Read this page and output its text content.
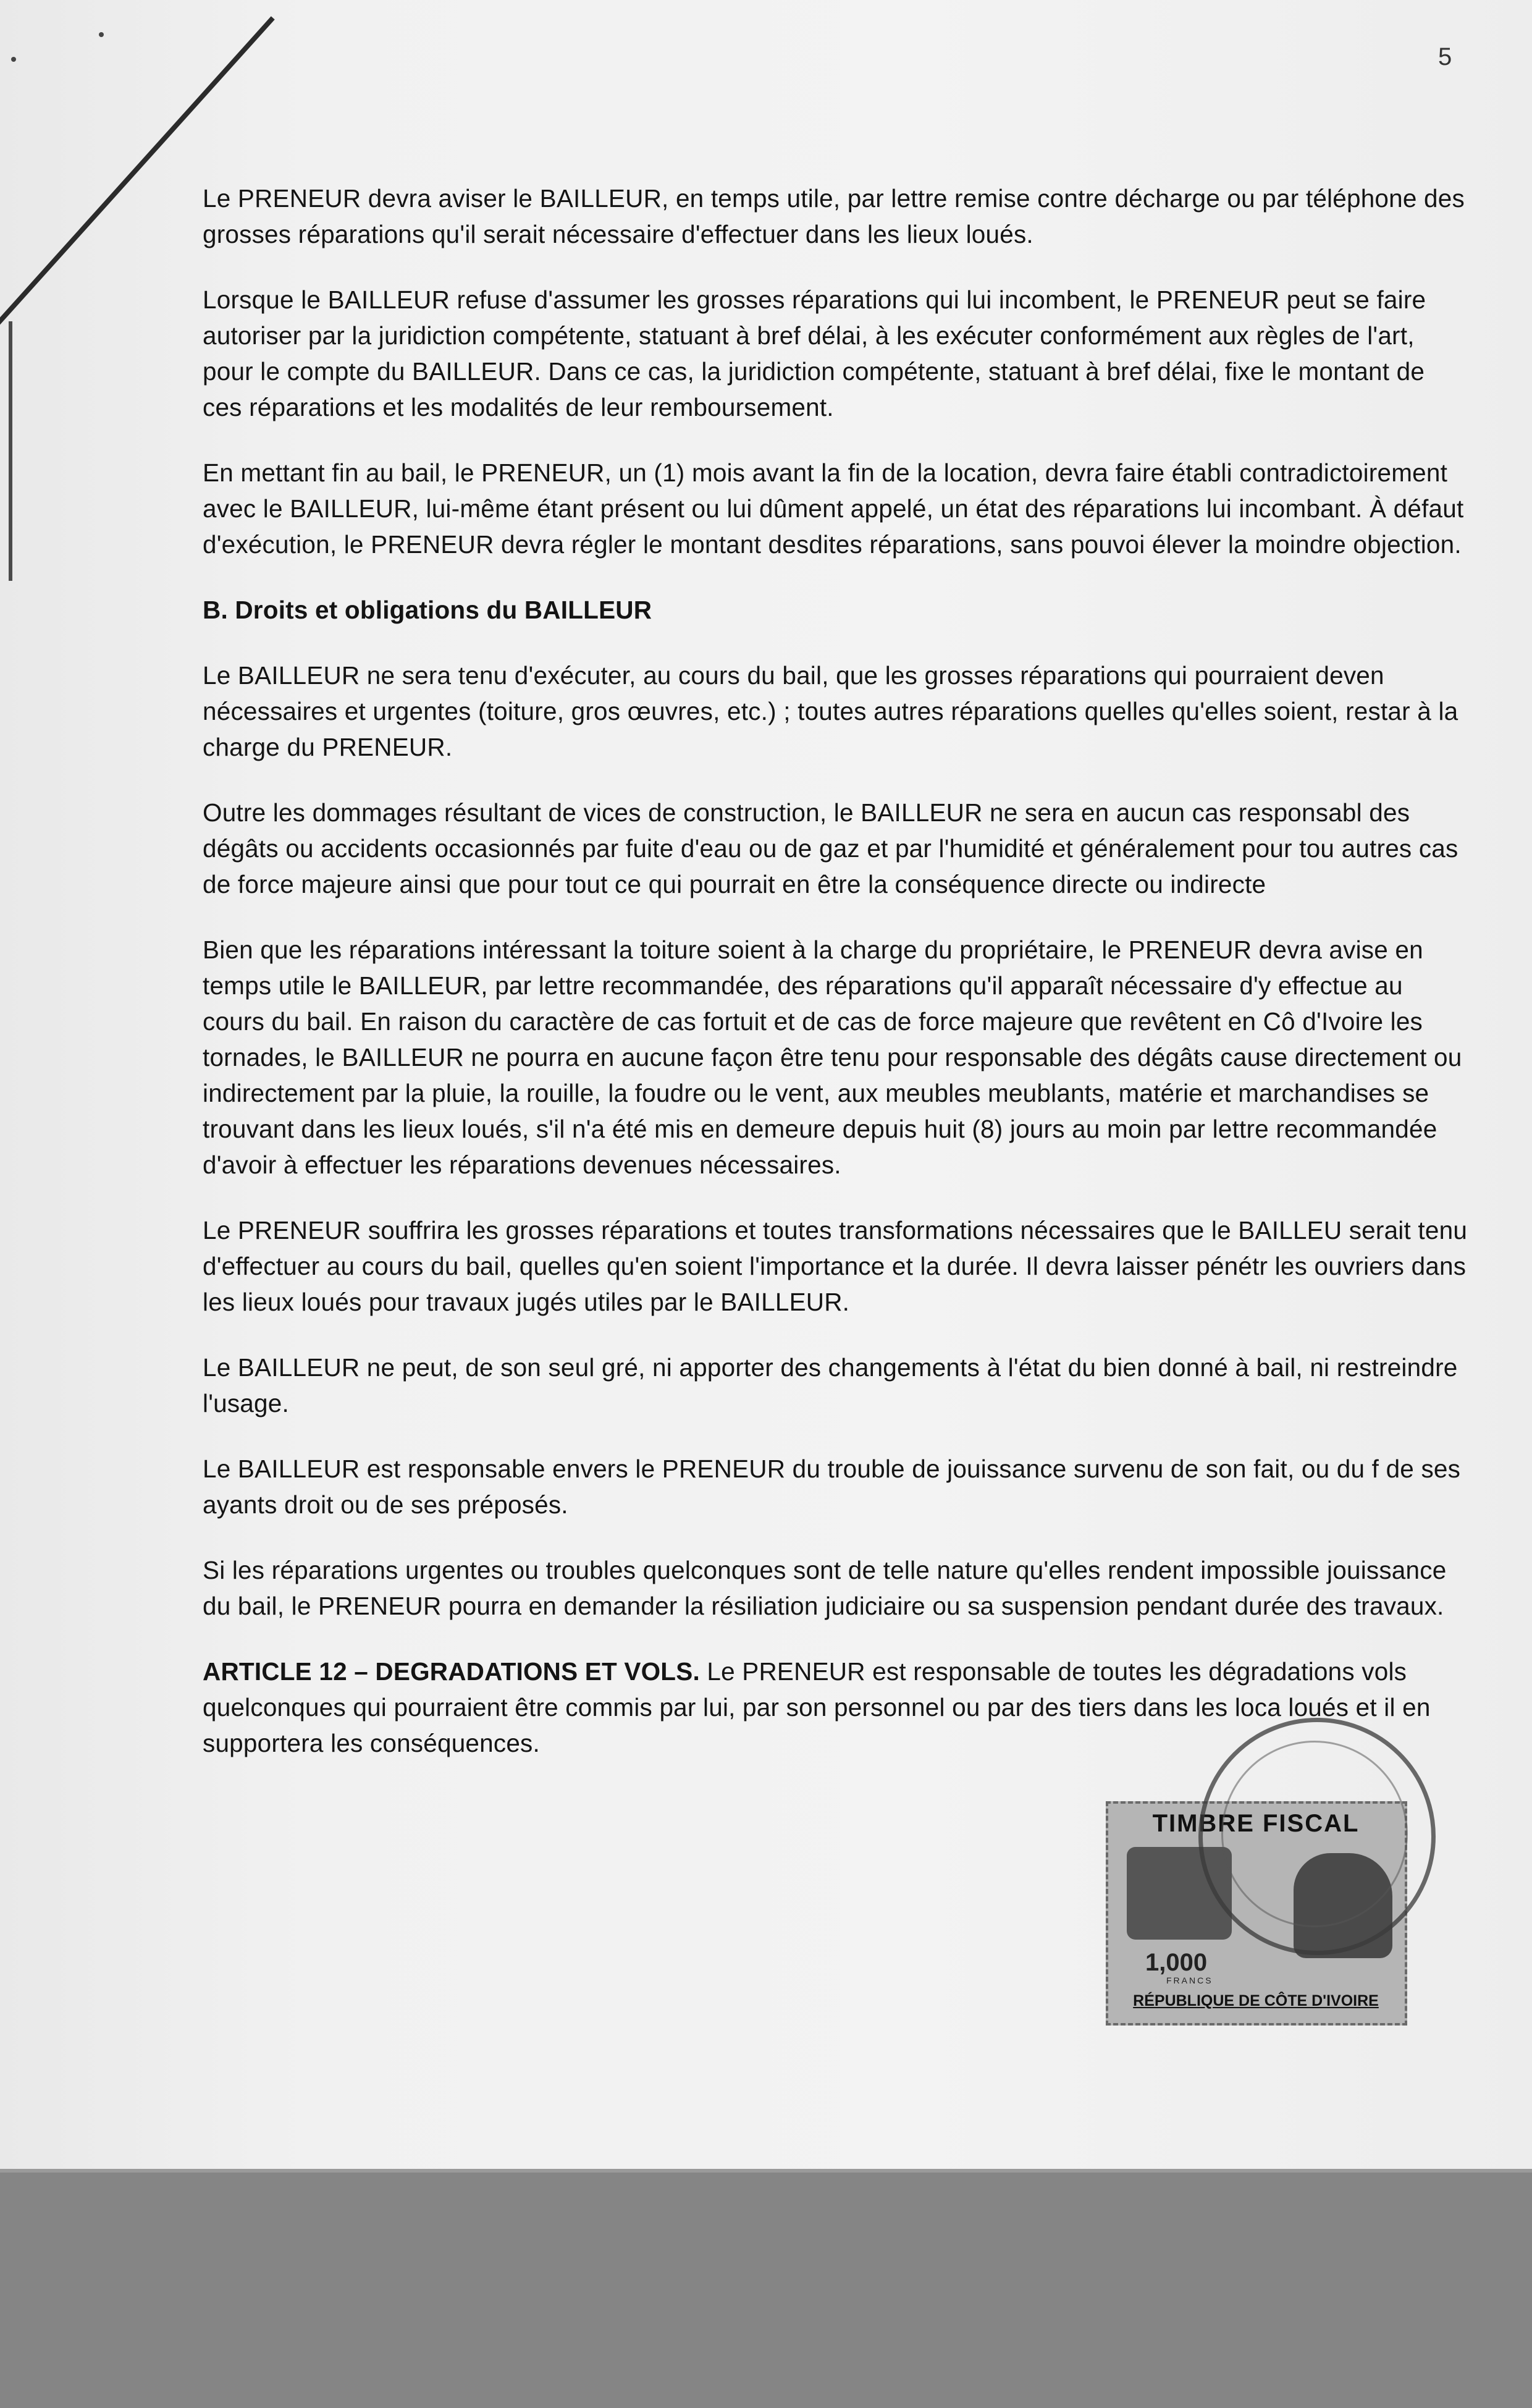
5

Le PRENEUR devra aviser le BAILLEUR, en temps utile, par lettre remise contre décharge ou par téléphone des grosses réparations qu'il serait nécessaire d'effectuer dans les lieux loués.

Lorsque le BAILLEUR refuse d'assumer les grosses réparations qui lui incombent, le PRENEUR peut se faire autoriser par la juridiction compétente, statuant à bref délai, à les exécuter conformément aux règles de l'art, pour le compte du BAILLEUR. Dans ce cas, la juridiction compétente, statuant à bref délai, fixe le montant de ces réparations et les modalités de leur remboursement.

En mettant fin au bail, le PRENEUR, un (1) mois avant la fin de la location, devra faire établi contradictoirement avec le BAILLEUR, lui-même étant présent ou lui dûment appelé, un état des réparations lui incombant. À défaut d'exécution, le PRENEUR devra régler le montant desdites réparations, sans pouvoi élever la moindre objection.

B. Droits et obligations du BAILLEUR

Le BAILLEUR ne sera tenu d'exécuter, au cours du bail, que les grosses réparations qui pourraient deven nécessaires et urgentes (toiture, gros œuvres, etc.) ; toutes autres réparations quelles qu'elles soient, restar à la charge du PRENEUR.

Outre les dommages résultant de vices de construction, le BAILLEUR ne sera en aucun cas responsabl des dégâts ou accidents occasionnés par fuite d'eau ou de gaz et par l'humidité et généralement pour tou autres cas de force majeure ainsi que pour tout ce qui pourrait en être la conséquence directe ou indirecte

Bien que les réparations intéressant la toiture soient à la charge du propriétaire, le PRENEUR devra avise en temps utile le BAILLEUR, par lettre recommandée, des réparations qu'il apparaît nécessaire d'y effectue au cours du bail. En raison du caractère de cas fortuit et de cas de force majeure que revêtent en Cô d'Ivoire les tornades, le BAILLEUR ne pourra en aucune façon être tenu pour responsable des dégâts cause directement ou indirectement par la pluie, la rouille, la foudre ou le vent, aux meubles meublants, matérie et marchandises se trouvant dans les lieux loués, s'il n'a été mis en demeure depuis huit (8) jours au moin par lettre recommandée d'avoir à effectuer les réparations devenues nécessaires.

Le PRENEUR souffrira les grosses réparations et toutes transformations nécessaires que le BAILLEU serait tenu d'effectuer au cours du bail, quelles qu'en soient l'importance et la durée. Il devra laisser pénétr les ouvriers dans les lieux loués pour travaux jugés utiles par le BAILLEUR.

Le BAILLEUR ne peut, de son seul gré, ni apporter des changements à l'état du bien donné à bail, ni restreindre l'usage.

Le BAILLEUR est responsable envers le PRENEUR du trouble de jouissance survenu de son fait, ou du f de ses ayants droit ou de ses préposés.

Si les réparations urgentes ou troubles quelconques sont de telle nature qu'elles rendent impossible jouissance du bail, le PRENEUR pourra en demander la résiliation judiciaire ou sa suspension pendant durée des travaux.

ARTICLE 12 – DEGRADATIONS ET VOLS. Le PRENEUR est responsable de toutes les dégradations vols quelconques qui pourraient être commis par lui, par son personnel ou par des tiers dans les loca loués et il en supportera les conséquences.

TIMBRE FISCAL
1,000
FRANCS
RÉPUBLIQUE DE CÔTE D'IVOIRE
